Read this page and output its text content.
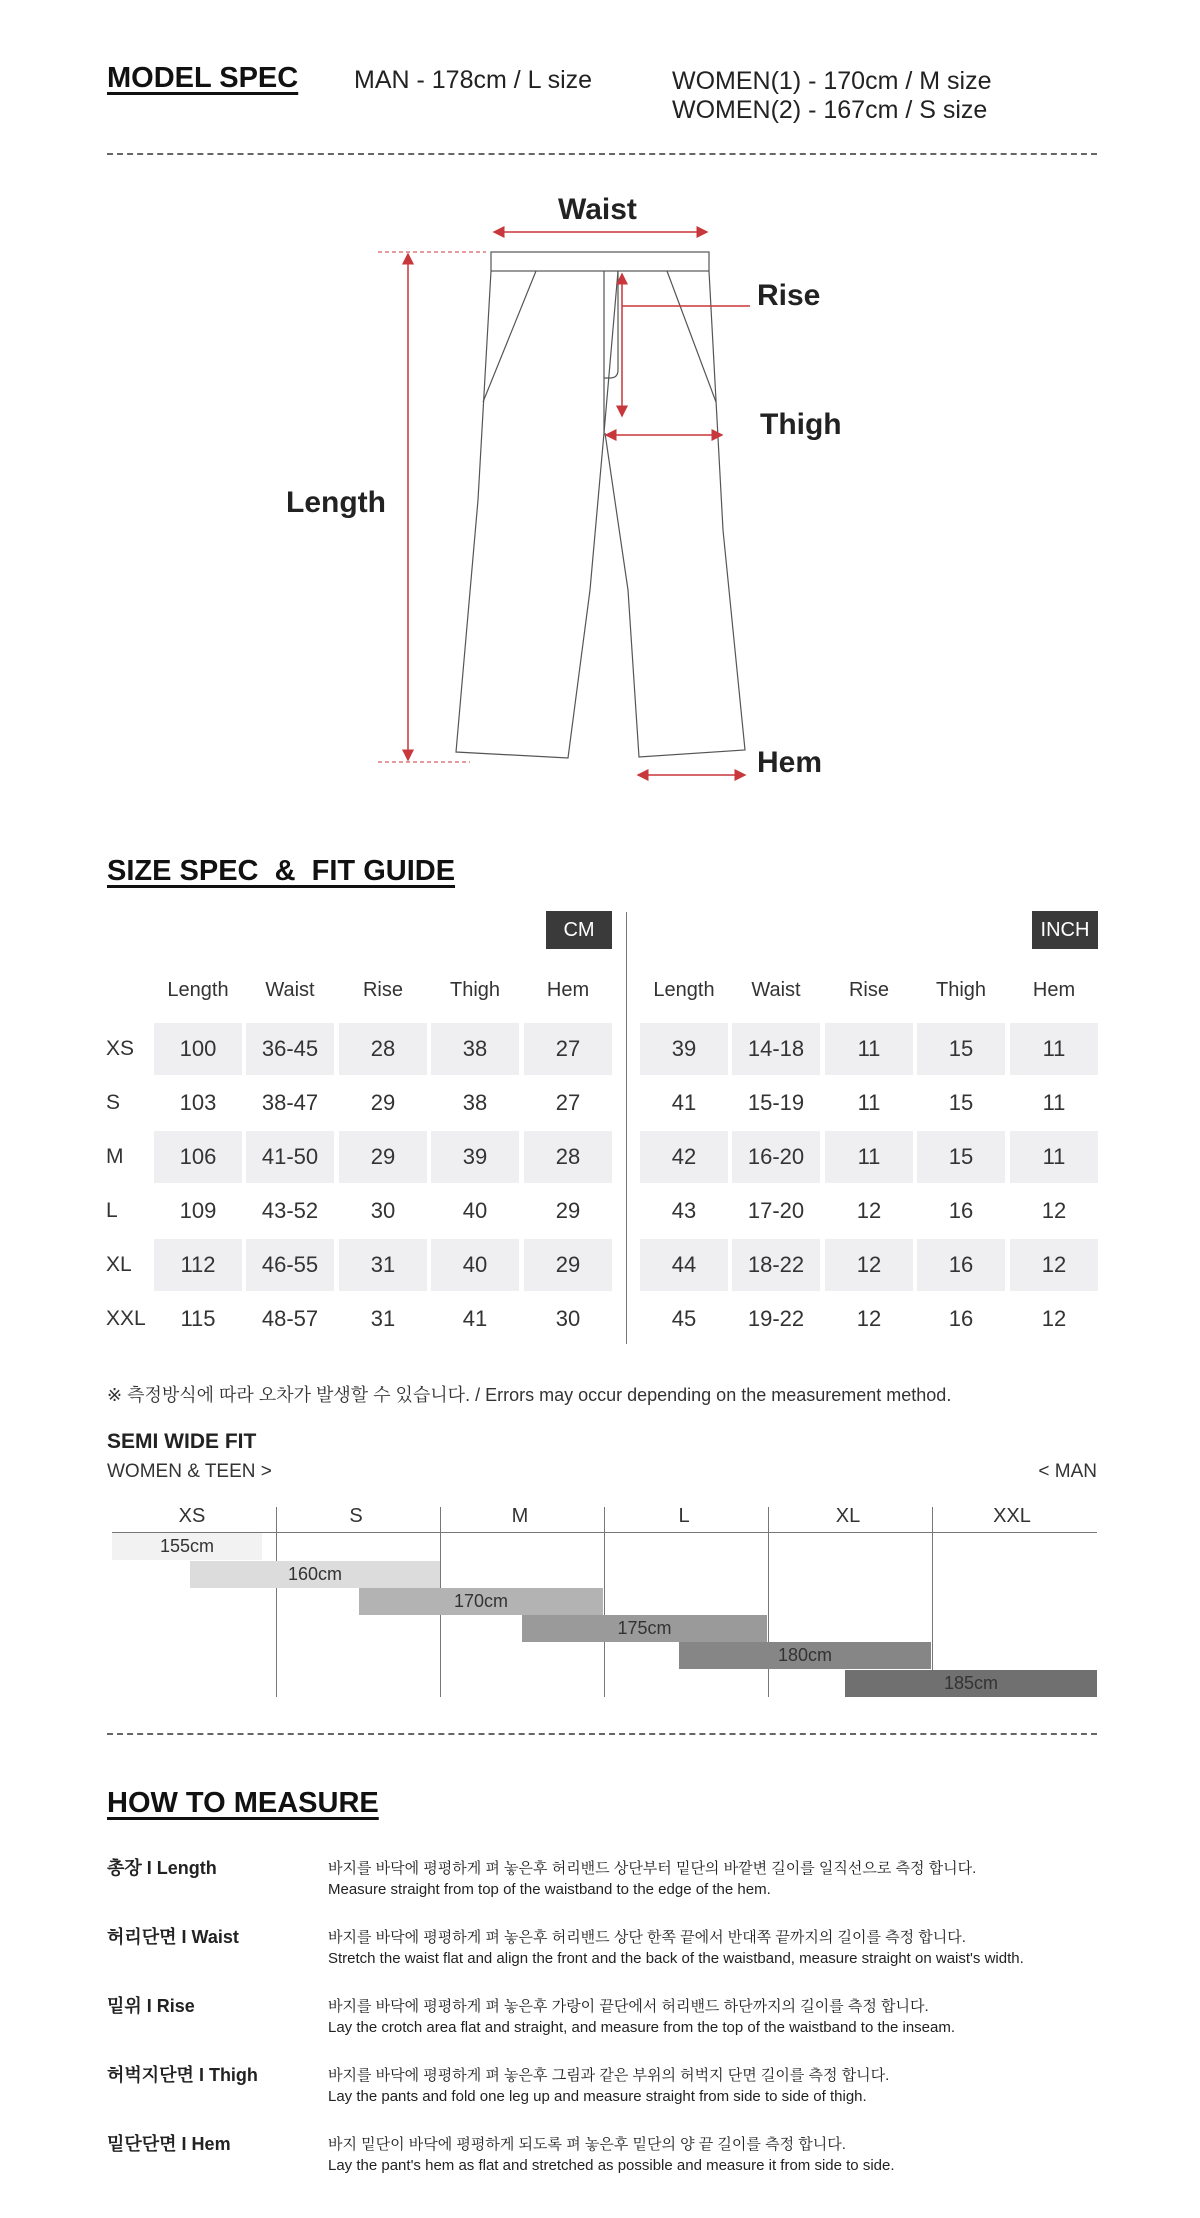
MODEL SPEC MAN - 178cm / L size	WOMEN(1) - 170cm / M size
WOMEN(2) - 167cm / S size
Waist
Rise
Thigh
Length
Hem
SIZE SPEC  &  FIT GUIDE
CM	INCH
Length	Waist	Rise	Thigh	Hem	Length	Waist	Rise	Thigh	Hem
XS	100	36-45	28	38	27	39	14-18	11	15	11
S	103	38-47	29	38	27	41	15-19	11	15	11
M	106	41-50	29	39	28	42	16-20	11	15	11
L	109	43-52	30	40	29	43	17-20	12	16	12
XL	112	46-55	31	40	29	44	18-22	12	16	12
XXL	115	48-57	31	41	30	45	19-22	12	16	12
※ 측정방식에 따라 오차가 발생할 수 있습니다. / Errors may occur depending on the measurement method.
SEMI WIDE FIT
WOMEN & TEEN >	< MAN
XS	S	M	L	XL	XXL
155cm
160cm
170cm
175cm
180cm
185cm
HOW TO MEASURE
총장 I Length	바지를 바닥에 평평하게 펴 놓은후 허리밴드 상단부터 밑단의 바깥변 길이를 일직선으로 측정 합니다.
Measure straight from top of the waistband to the edge of the hem.
허리단면 I Waist	바지를 바닥에 평평하게 펴 놓은후 허리밴드 상단 한쪽 끝에서 반대쪽 끝까지의 길이를 측정 합니다.
Stretch the waist flat and align the front and the back of the waistband, measure straight on waist's width.
밑위 I Rise	바지를 바닥에 평평하게 펴 놓은후 가랑이 끝단에서 허리밴드 하단까지의 길이를 측정 합니다.
Lay the crotch area flat and straight, and measure from the top of the waistband to the inseam.
허벅지단면 I Thigh	바지를 바닥에 평평하게 펴 놓은후 그림과 같은 부위의 허벅지 단면 길이를 측정 합니다.
Lay the pants and fold one leg up and measure straight from side to side of thigh.
밑단단면 I Hem	바지 밑단이 바닥에 평평하게 되도록 펴 놓은후 밑단의 양 끝 길이를 측정 합니다.
Lay the pant's hem as flat and stretched as possible and measure it from side to side.
